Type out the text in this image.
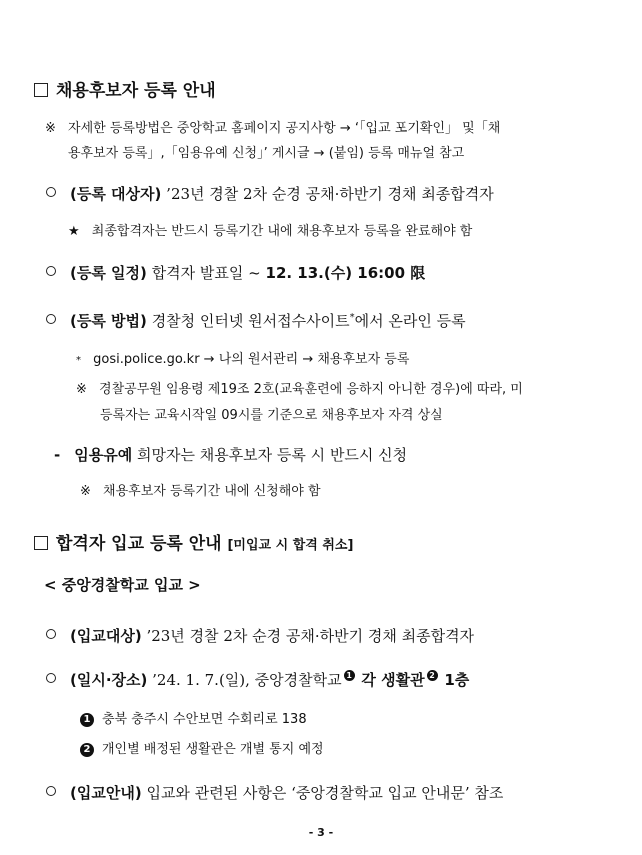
채용후보자 등록 안내
※ 자세한 등록방법은 중앙학교 홈페이지 공지사항 → ‘「입교 포기확인」 및「채
용후보자 등록」,「임용유예 신청」’ 게시글 → (붙임) 등록 매뉴얼 참고
(등록 대상자) ’23년 경찰 2차 순경 공채·하반기 경채 최종합격자
★ 최종합격자는 반드시 등록기간 내에 채용후보자 등록을 완료해야 함
(등록 일정) 합격자 발표일 ~ 12. 13.(수) 16:00 限
(등록 방법) 경찰청 인터넷 원서접수사이트*에서 온라인 등록
* gosi.police.go.kr → 나의 원서관리 → 채용후보자 등록
※ 경찰공무원 임용령 제19조 2호(교육훈련에 응하지 아니한 경우)에 따라, 미
등록자는 교육시작일 09시를 기준으로 채용후보자 자격 상실
- 임용유예 희망자는 채용후보자 등록 시 반드시 신청
※ 채용후보자 등록기간 내에 신청해야 함
합격자 입교 등록 안내 [미입교 시 합격 취소]
< 중앙경찰학교 입교 >
(입교대상) ’23년 경찰 2차 순경 공채·하반기 경채 최종합격자
(일시·장소) ’24. 1. 7.(일), 중앙경찰학교 1 각 생활관 2 1층
1 충북 충주시 수안보면 수회리로 138
2 개인별 배정된 생활관은 개별 통지 예정
(입교안내) 입교와 관련된 사항은 ‘중앙경찰학교 입교 안내문’ 참조
- 3 -
